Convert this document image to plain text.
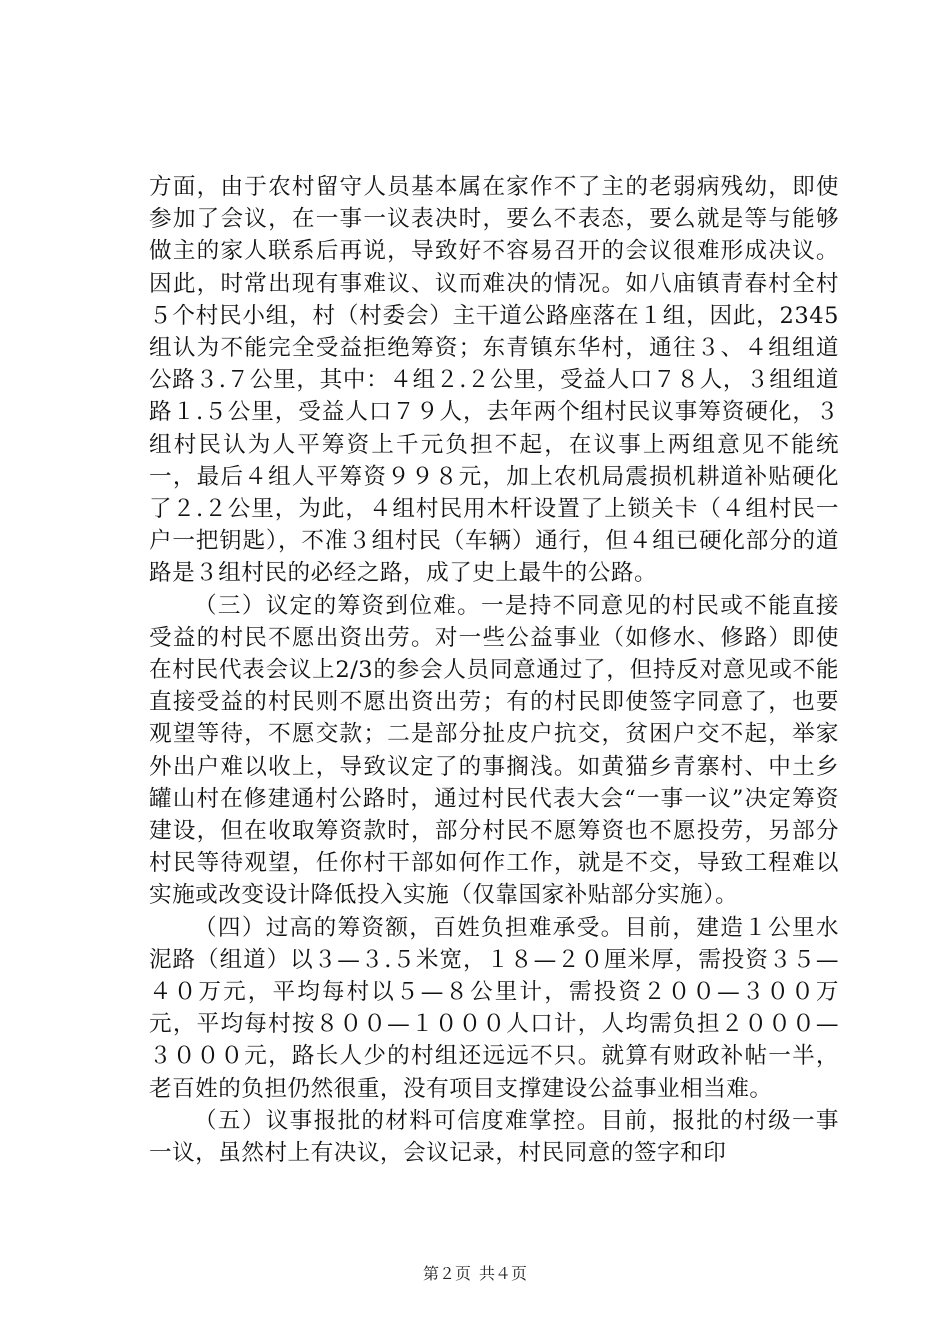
方面，由于农村留守人员基本属在家作不了主的老弱病残幼，即使参加了会议，在一事一议表决时，要么不表态，要么就是等与能够做主的家人联系后再说，导致好不容易召开的会议很难形成决议。因此，时常出现有事难议、议而难决的情况。如八庙镇青春村全村５个村民小组，村（村委会）主干道公路座落在１组，因此，2345组认为不能完全受益拒绝筹资；东青镇东华村，通往３、４组组道公路３.７公里，其中：４组２.２公里，受益人口７８人，３组组道路１.５公里，受益人口７９人，去年两个组村民议事筹资硬化，３组村民认为人平筹资上千元负担不起，在议事上两组意见不能统一，最后４组人平筹资９９８元，加上农机局震损机耕道补贴硬化了２.２公里，为此，４组村民用木杆设置了上锁关卡（４组村民一户一把钥匙），不准３组村民（车辆）通行，但４组已硬化部分的道路是３组村民的必经之路，成了史上最牛的公路。

（三）议定的筹资到位难。一是持不同意见的村民或不能直接受益的村民不愿出资出劳。对一些公益事业（如修水、修路）即使在村民代表会议上2/3的参会人员同意通过了，但持反对意见或不能直接受益的村民则不愿出资出劳；有的村民即使签字同意了，也要观望等待，不愿交款；二是部分扯皮户抗交，贫困户交不起，举家外出户难以收上，导致议定了的事搁浅。如黄猫乡青寨村、中土乡罐山村在修建通村公路时，通过村民代表大会“一事一议”决定筹资建设，但在收取筹资款时，部分村民不愿筹资也不愿投劳，另部分村民等待观望，任你村干部如何作工作，就是不交，导致工程难以实施或改变设计降低投入实施（仅靠国家补贴部分实施）。

（四）过高的筹资额，百姓负担难承受。目前，建造１公里水泥路（组道）以３—３.５米宽，１８—２０厘米厚，需投资３５—４０万元，平均每村以５—８公里计，需投资２００—３００万元，平均每村按８００—１０００人口计，人均需负担２０００—３０００元，路长人少的村组还远远不只。就算有财政补帖一半，老百姓的负担仍然很重，没有项目支撑建设公益事业相当难。

（五）议事报批的材料可信度难掌控。目前，报批的村级一事一议，虽然村上有决议，会议记录，村民同意的签字和印

第２页 共４页
